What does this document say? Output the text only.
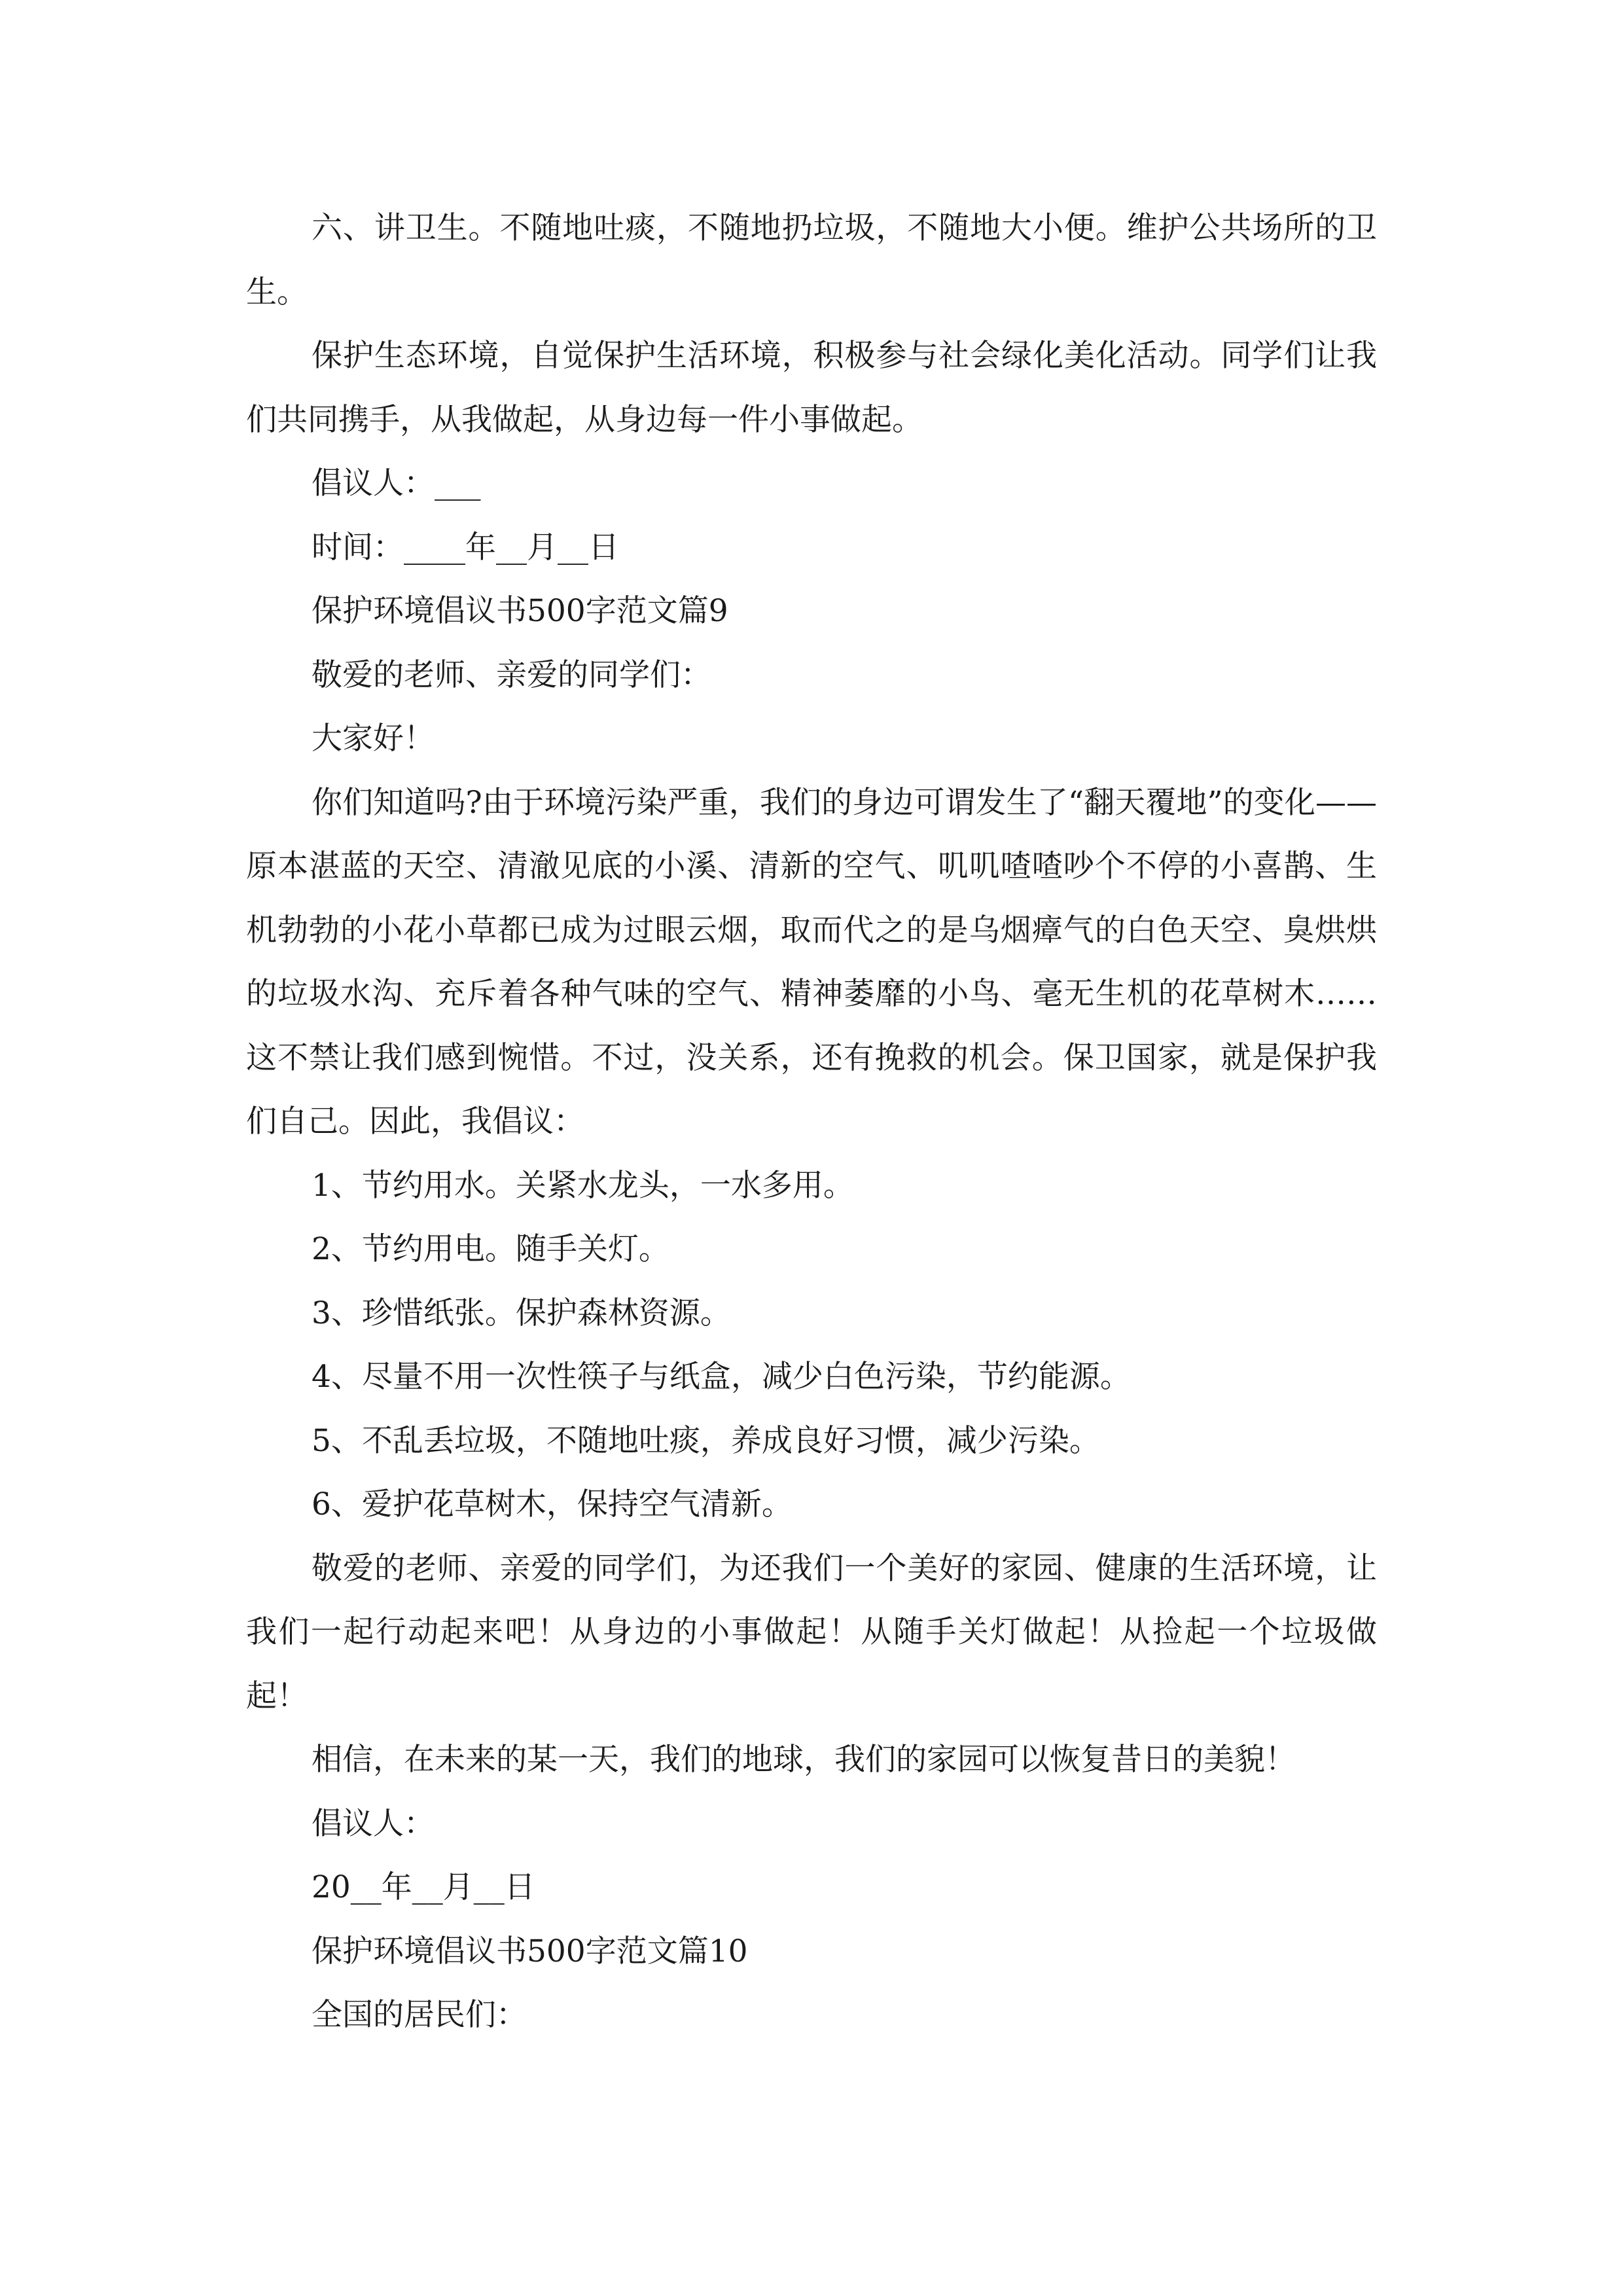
六、讲卫生。不随地吐痰，不随地扔垃圾，不随地大小便。维护公共场所的卫生。

保护生态环境，自觉保护生活环境，积极参与社会绿化美化活动。同学们让我们共同携手，从我做起，从身边每一件小事做起。

倡议人：___

时间：____年__月__日

保护环境倡议书500字范文篇9

敬爱的老师、亲爱的同学们：

大家好！

你们知道吗?由于环境污染严重，我们的身边可谓发生了“翻天覆地”的变化——原本湛蓝的天空、清澈见底的小溪、清新的空气、叽叽喳喳吵个不停的小喜鹊、生机勃勃的小花小草都已成为过眼云烟，取而代之的是乌烟瘴气的白色天空、臭烘烘的垃圾水沟、充斥着各种气味的空气、精神萎靡的小鸟、毫无生机的花草树木……这不禁让我们感到惋惜。不过，没关系，还有挽救的机会。保卫国家，就是保护我们自己。因此，我倡议：

1、节约用水。关紧水龙头，一水多用。

2、节约用电。随手关灯。

3、珍惜纸张。保护森林资源。

4、尽量不用一次性筷子与纸盒，减少白色污染，节约能源。

5、不乱丢垃圾，不随地吐痰，养成良好习惯，减少污染。

6、爱护花草树木，保持空气清新。

敬爱的老师、亲爱的同学们，为还我们一个美好的家园、健康的生活环境，让我们一起行动起来吧！从身边的小事做起！从随手关灯做起！从捡起一个垃圾做起！

相信，在未来的某一天，我们的地球，我们的家园可以恢复昔日的美貌！

倡议人：

20__年__月__日

保护环境倡议书500字范文篇10

全国的居民们：
